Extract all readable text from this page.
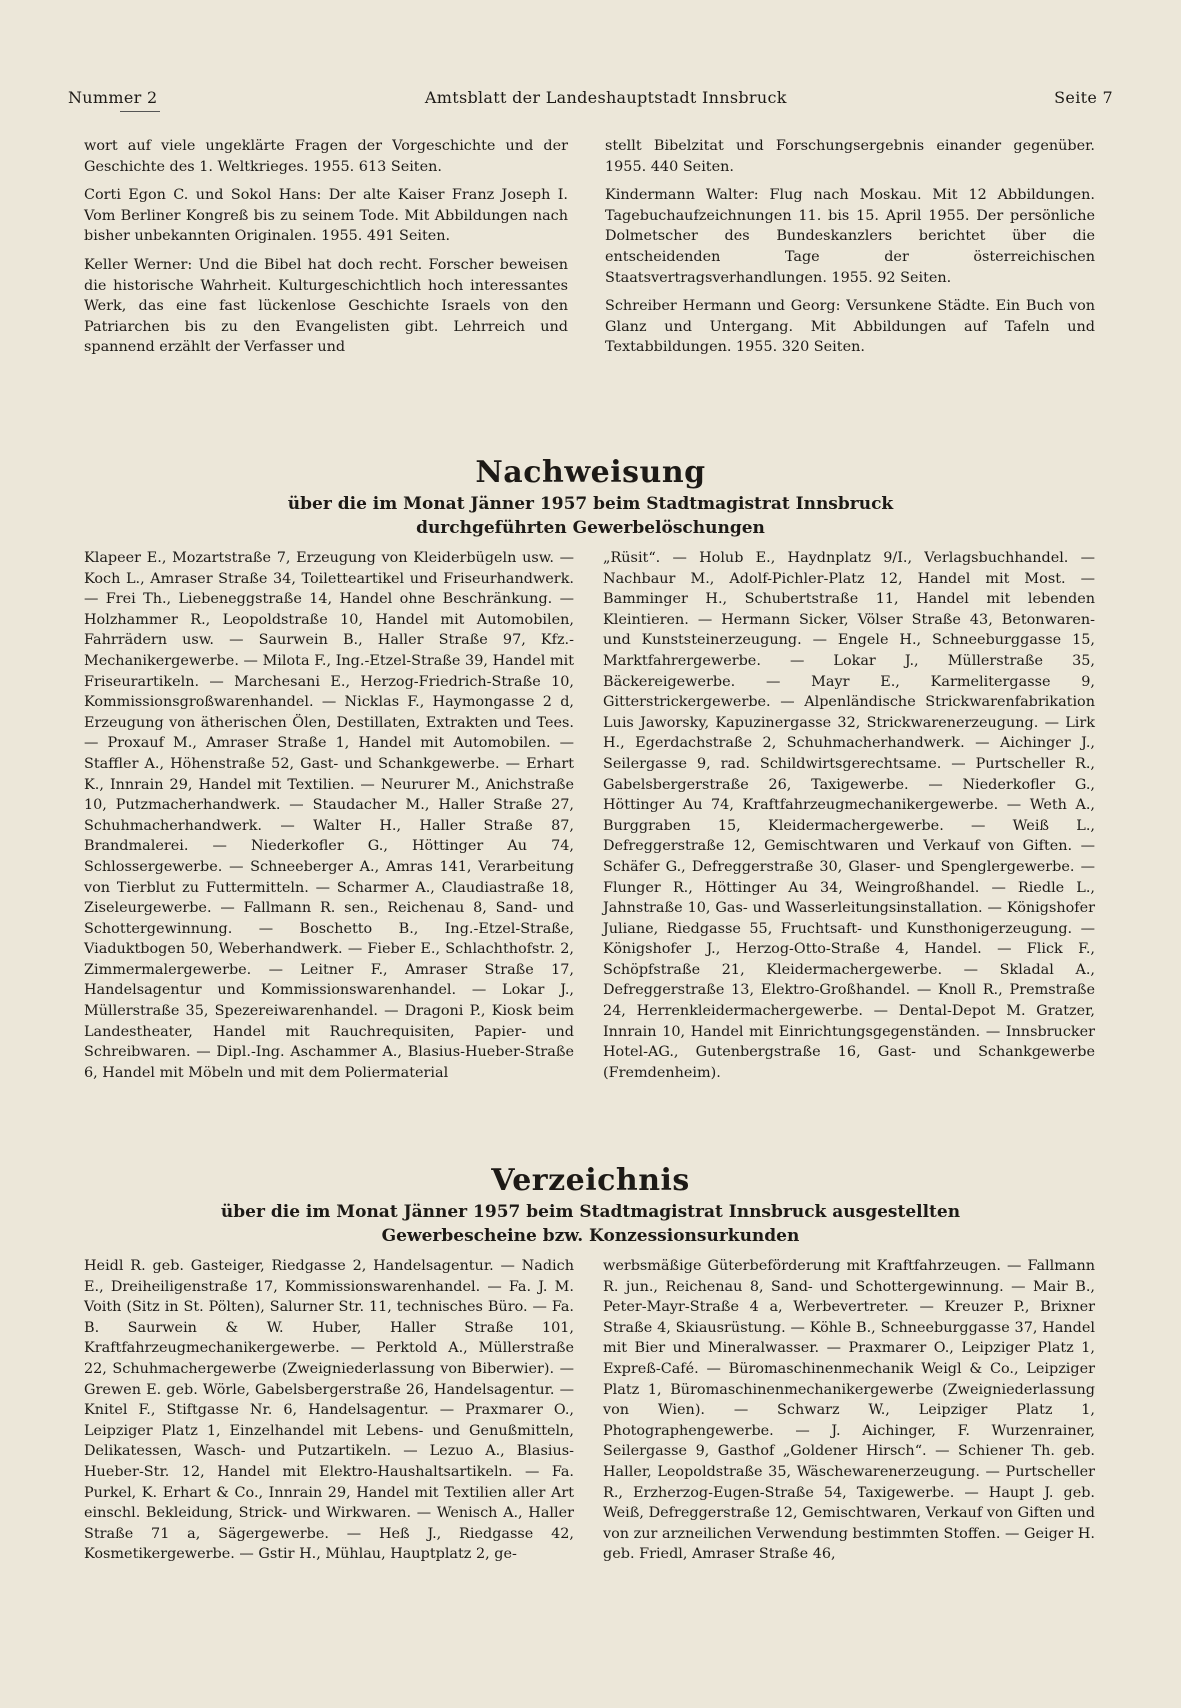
Nummer 2	Amtsblatt der Landeshauptstadt Innsbruck	Seite 7

wort auf viele ungeklärte Fragen der Vorgeschichte und der Geschichte des 1. Weltkrieges. 1955. 613 Seiten.

Corti Egon C. und Sokol Hans: Der alte Kaiser Franz Joseph I. Vom Berliner Kongreß bis zu seinem Tode. Mit Abbildungen nach bisher unbekannten Originalen. 1955. 491 Seiten.

Keller Werner: Und die Bibel hat doch recht. Forscher beweisen die historische Wahrheit. Kulturgeschichtlich hoch interessantes Werk, das eine fast lückenlose Geschichte Israels von den Patriarchen bis zu den Evangelisten gibt. Lehrreich und spannend erzählt der Verfasser und

stellt Bibelzitat und Forschungsergebnis einander gegenüber. 1955. 440 Seiten.

Kindermann Walter: Flug nach Moskau. Mit 12 Abbildungen. Tagebuchaufzeichnungen 11. bis 15. April 1955. Der persönliche Dolmetscher des Bundeskanzlers berichtet über die entscheidenden Tage der österreichischen Staatsvertragsverhandlungen. 1955. 92 Seiten.

Schreiber Hermann und Georg: Versunkene Städte. Ein Buch von Glanz und Untergang. Mit Abbildungen auf Tafeln und Textabbildungen. 1955. 320 Seiten.

Nachweisung

über die im Monat Jänner 1957 beim Stadtmagistrat Innsbruck

durchgeführten Gewerbelöschungen

Klapeer E., Mozartstraße 7, Erzeugung von Kleiderbügeln usw. — Koch L., Amraser Straße 34, Toiletteartikel und Friseurhandwerk. — Frei Th., Liebeneggstraße 14, Handel ohne Beschränkung. — Holzhammer R., Leopoldstraße 10, Handel mit Automobilen, Fahrrädern usw. — Saurwein B., Haller Straße 97, Kfz.-Mechanikergewerbe. — Milota F., Ing.-Etzel-Straße 39, Handel mit Friseurartikeln. — Marchesani E., Herzog-Friedrich-Straße 10, Kommissionsgroßwarenhandel. — Nicklas F., Haymongasse 2 d, Erzeugung von ätherischen Ölen, Destillaten, Extrakten und Tees. — Proxauf M., Amraser Straße 1, Handel mit Automobilen. — Staffler A., Höhenstraße 52, Gast- und Schankgewerbe. — Erhart K., Innrain 29, Handel mit Textilien. — Neururer M., Anichstraße 10, Putzmacherhandwerk. — Staudacher M., Haller Straße 27, Schuhmacherhandwerk. — Walter H., Haller Straße 87, Brandmalerei. — Niederkofler G., Höttinger Au 74, Schlossergewerbe. — Schneeberger A., Amras 141, Verarbeitung von Tierblut zu Futtermitteln. — Scharmer A., Claudiastraße 18, Ziseleurgewerbe. — Fallmann R. sen., Reichenau 8, Sand- und Schottergewinnung. — Boschetto B., Ing.-Etzel-Straße, Viaduktbogen 50, Weberhandwerk. — Fieber E., Schlachthofstr. 2, Zimmermalergewerbe. — Leitner F., Amraser Straße 17, Handelsagentur und Kommissionswarenhandel. — Lokar J., Müllerstraße 35, Spezereiwarenhandel. — Dragoni P., Kiosk beim Landestheater, Handel mit Rauchrequisiten, Papier- und Schreibwaren. — Dipl.-Ing. Aschammer A., Blasius-Hueber-Straße 6, Handel mit Möbeln und mit dem Poliermaterial

„Rüsit“. — Holub E., Haydnplatz 9/I., Verlagsbuchhandel. — Nachbaur M., Adolf-Pichler-Platz 12, Handel mit Most. — Bamminger H., Schubertstraße 11, Handel mit lebenden Kleintieren. — Hermann Sicker, Völser Straße 43, Betonwaren- und Kunststeinerzeugung. — Engele H., Schneeburggasse 15, Marktfahrergewerbe. — Lokar J., Müllerstraße 35, Bäckereigewerbe. — Mayr E., Karmelitergasse 9, Gitterstrickergewerbe. — Alpenländische Strickwarenfabrikation Luis Jaworsky, Kapuzinergasse 32, Strickwarenerzeugung. — Lirk H., Egerdachstraße 2, Schuhmacherhandwerk. — Aichinger J., Seilergasse 9, rad. Schildwirtsgerechtsame. — Purtscheller R., Gabelsbergerstraße 26, Taxigewerbe. — Niederkofler G., Höttinger Au 74, Kraftfahrzeugmechanikergewerbe. — Weth A., Burggraben 15, Kleidermachergewerbe. — Weiß L., Defreggerstraße 12, Gemischtwaren und Verkauf von Giften. — Schäfer G., Defreggerstraße 30, Glaser- und Spenglergewerbe. — Flunger R., Höttinger Au 34, Weingroßhandel. — Riedle L., Jahnstraße 10, Gas- und Wasserleitungsinstallation. — Königshofer Juliane, Riedgasse 55, Fruchtsaft- und Kunsthonigerzeugung. — Königshofer J., Herzog-Otto-Straße 4, Handel. — Flick F., Schöpfstraße 21, Kleidermachergewerbe. — Skladal A., Defreggerstraße 13, Elektro-Großhandel. — Knoll R., Premstraße 24, Herrenkleidermachergewerbe. — Dental-Depot M. Gratzer, Innrain 10, Handel mit Einrichtungsgegenständen. — Innsbrucker Hotel-AG., Gutenbergstraße 16, Gast- und Schankgewerbe (Fremdenheim).

Verzeichnis

über die im Monat Jänner 1957 beim Stadtmagistrat Innsbruck ausgestellten

Gewerbescheine bzw. Konzessionsurkunden

Heidl R. geb. Gasteiger, Riedgasse 2, Handelsagentur. — Nadich E., Dreiheiligenstraße 17, Kommissionswarenhandel. — Fa. J. M. Voith (Sitz in St. Pölten), Salurner Str. 11, technisches Büro. — Fa. B. Saurwein & W. Huber, Haller Straße 101, Kraftfahrzeugmechanikergewerbe. — Perktold A., Müllerstraße 22, Schuhmachergewerbe (Zweigniederlassung von Biberwier). — Grewen E. geb. Wörle, Gabelsbergerstraße 26, Handelsagentur. — Knitel F., Stiftgasse Nr. 6, Handelsagentur. — Praxmarer O., Leipziger Platz 1, Einzelhandel mit Lebens- und Genußmitteln, Delikatessen, Wasch- und Putzartikeln. — Lezuo A., Blasius-Hueber-Str. 12, Handel mit Elektro-Haushaltsartikeln. — Fa. Purkel, K. Erhart & Co., Innrain 29, Handel mit Textilien aller Art einschl. Bekleidung, Strick- und Wirkwaren. — Wenisch A., Haller Straße 71 a, Sägergewerbe. — Heß J., Riedgasse 42, Kosmetikergewerbe. — Gstir H., Mühlau, Hauptplatz 2, ge-

werbsmäßige Güterbeförderung mit Kraftfahrzeugen. — Fallmann R. jun., Reichenau 8, Sand- und Schottergewinnung. — Mair B., Peter-Mayr-Straße 4 a, Werbevertreter. — Kreuzer P., Brixner Straße 4, Skiausrüstung. — Köhle B., Schneeburggasse 37, Handel mit Bier und Mineralwasser. — Praxmarer O., Leipziger Platz 1, Expreß-Café. — Büromaschinenmechanik Weigl & Co., Leipziger Platz 1, Büromaschinenmechanikergewerbe (Zweigniederlassung von Wien). — Schwarz W., Leipziger Platz 1, Photographengewerbe. — J. Aichinger, F. Wurzenrainer, Seilergasse 9, Gasthof „Goldener Hirsch“. — Schiener Th. geb. Haller, Leopoldstraße 35, Wäschewarenerzeugung. — Purtscheller R., Erzherzog-Eugen-Straße 54, Taxigewerbe. — Haupt J. geb. Weiß, Defreggerstraße 12, Gemischtwaren, Verkauf von Giften und von zur arzneilichen Verwendung bestimmten Stoffen. — Geiger H. geb. Friedl, Amraser Straße 46,
